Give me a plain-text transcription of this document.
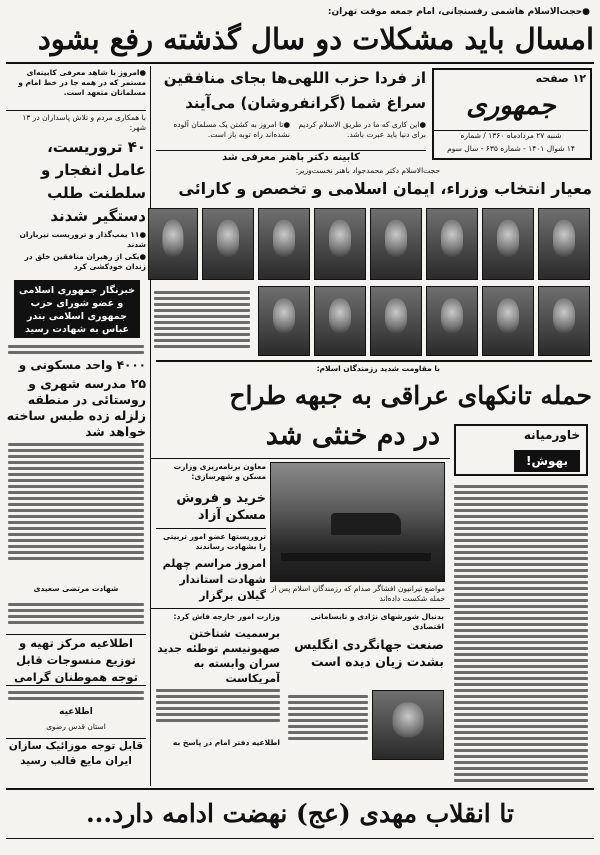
●حجت‌الاسلام هاشمی رفسنجانی، امام جمعه موقت تهران:
امسال باید مشکلات دو سال گذشته رفع بشود
۱۲ صفحه
جمهوری
شنبه ۲۷ مردادماه ۱۳۶۰ / شماره
۱۴ شوال ۱۴۰۱ - شماره ۶۳۵ - سال سوم
از فردا حزب اللهی‌ها بجای منافقین سراغ شما (گرانفروشان) می‌آیند
●این کاری که ما در طریق الاسلام کردیم برای دنیا باید عبرت باشد.
●تا امروز به کشتن یک مسلمان آلوده نشده‌اند راه توبه باز است.
●امروز با شاهد معرفی کابینه‌ای مستمر که در همه جا در خط امام و مسلمانان متعهد است.
با همکاری مردم و تلاش پاسداران در ۱۳ شهر:
۴۰ تروریست، عامل انفجار و سلطنت طلب دستگیر شدند
●۱۱ بمب‌گذار و تروریست تیرباران شدند
●یکی از رهبران منافقین خلق در زندان خودکشی کرد
خبرنگار جمهوری اسلامی و عضو شورای حزب جمهوری اسلامی بندر عباس به شهادت رسید
۴۰۰۰ واحد مسکونی و
۲۵ مدرسه شهری و روستائی در منطقه زلزله زده طبس ساخته خواهد شد
شهادت مرتضی سعیدی
اطلاعیه مرکز تهیه و توزیع منسوجات قابل توجه هموطنان گرامی
اطلاعیه
استان قدس رضوی
قابل توجه موزائیک سازان ایران مایع قالب رسید
کابینه دکتر باهنر معرفی شد
حجت‌الاسلام دکتر محمدجواد باهنر نخست‌وزیر:
معیار انتخاب وزراء، ایمان اسلامی و تخصص و کارائی
با مقاومت شدید رزمندگان اسلام:
حمله تانکهای عراقی به جبهه طراح
در دم خنثی شد	خاورمیانه
بهوش!
معاون برنامه‌ریزی وزارت مسکن و شهرسازی:
خرید و فروش مسکن آزاد
تروریستها عضو امور تربیتی را بشهادت رساندند
امروز مراسم چهلم شهادت استاندار گیلان برگزار
مواضع تیرانیون افشاگر صدام که رزمندگان اسلام پس از حمله شکست داده‌اند
وزارت امور خارجه فاش کرد:
برسمیت شناختن صهیونیسم توطئه جدید سران وابسته به آمریکاست
اطلاعیه دفتر امام در پاسخ به
بدنبال شورشهای نژادی و نابسامانی اقتصادی
صنعت جهانگردی انگلیس بشدت زیان دیده است
تا انقلاب مهدی (عج) نهضت ادامه دارد...
